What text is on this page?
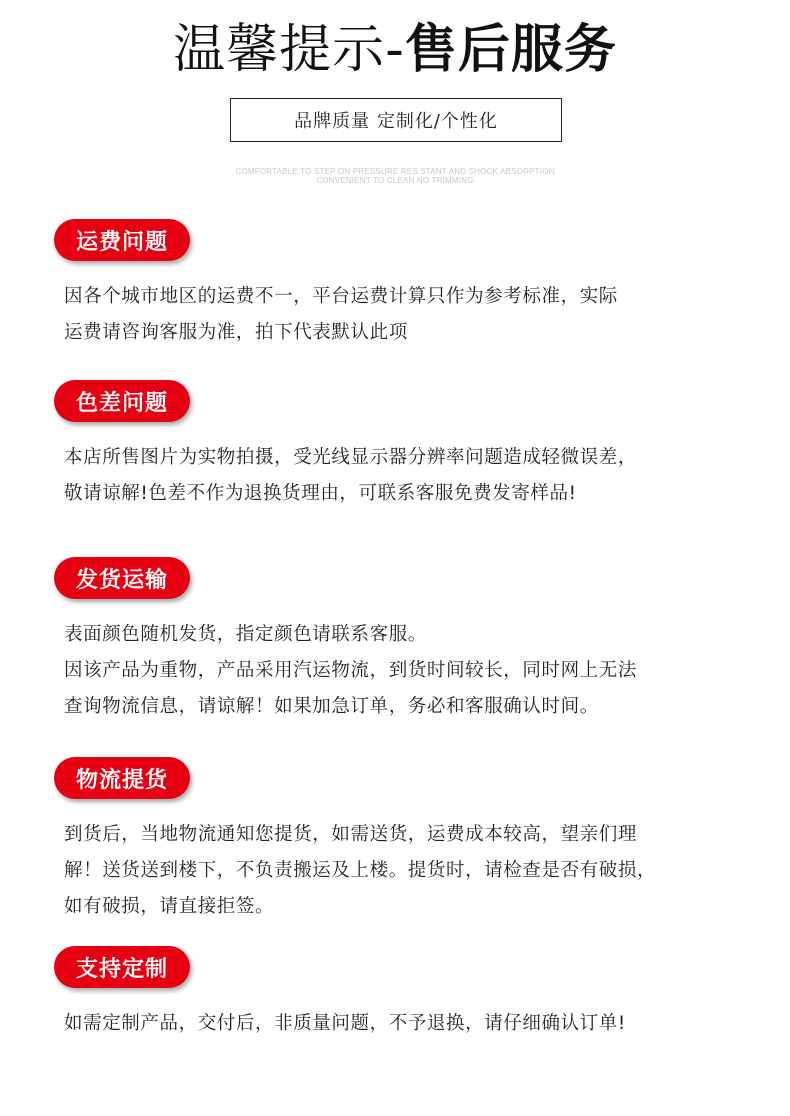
温馨提示-售后服务
品牌质量 定制化/个性化
COMFORTABLE TO STEP ON PRESSURE RES STANT AND SHOCK ABSORPTION
CONVENIENT TO CLEAN NO TRIMMING
运费问题
因各个城市地区的运费不一，平台运费计算只作为参考标准，实际
运费请咨询客服为准，拍下代表默认此项
色差问题
本店所售图片为实物拍摄，受光线显示器分辨率问题造成轻微误差，
敬请谅解!色差不作为退换货理由，可联系客服免费发寄样品!
发货运输
表面颜色随机发货，指定颜色请联系客服。
因该产品为重物，产品采用汽运物流，到货时间较长，同时网上无法
查询物流信息，请谅解！如果加急订单，务必和客服确认时间。
物流提货
到货后，当地物流通知您提货，如需送货，运费成本较高，望亲们理
解！送货送到楼下，不负责搬运及上楼。提货时，请检查是否有破损，
如有破损，请直接拒签。
支持定制
如需定制产品，交付后，非质量问题，不予退换，请仔细确认订单!
